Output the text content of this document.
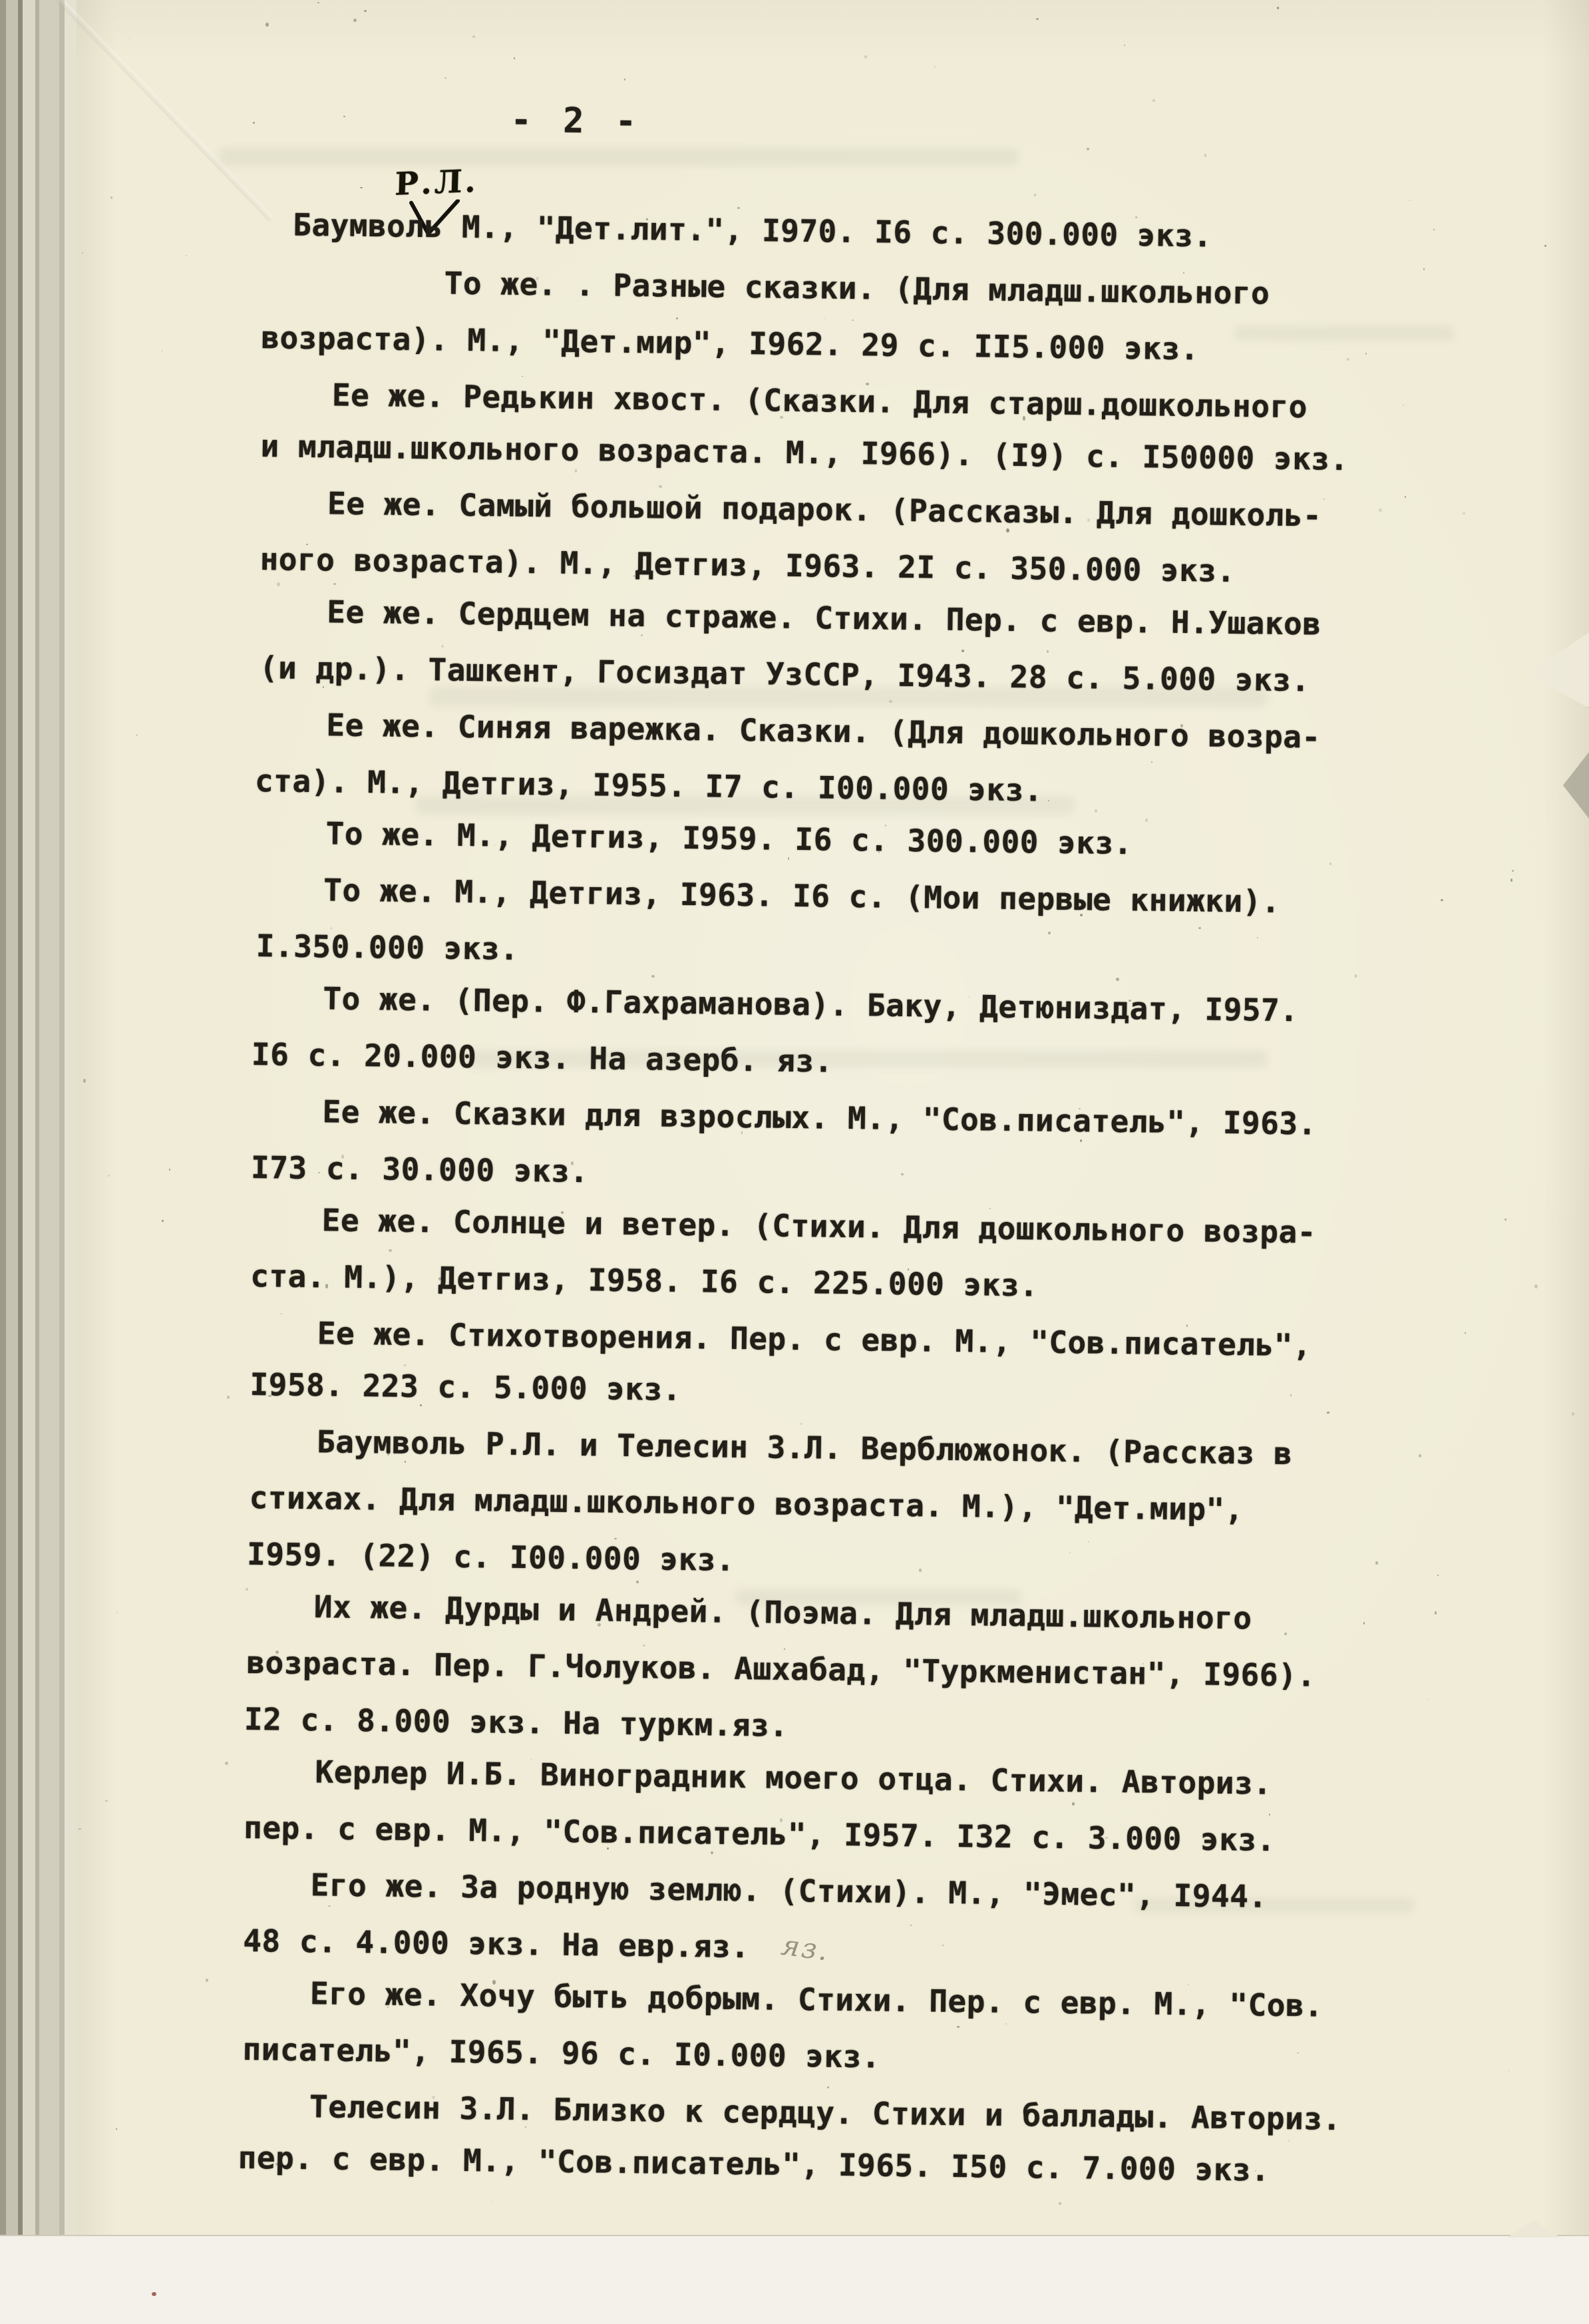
- 2 -
Р.Л.
Баумволь М., "Дет.лит.", I970. I6 с. 300.000 экз.
То же. . Разные сказки. (Для младш.школьного
возраста). М., "Дет.мир", I962. 29 с. II5.000 экз.
Ее же. Редькин хвост. (Сказки. Для старш.дошкольного
и младш.школьного возраста. М., I966). (I9) с. I50000 экз.
Ее же. Самый большой подарок. (Рассказы. Для дошколь-
ного возраста). М., Детгиз, I963. 2I с. 350.000 экз.
Ее же. Сердцем на страже. Стихи. Пер. с евр. Н.Ушаков
(и др.). Ташкент, Госиздат УзССР, I943. 28 с. 5.000 экз.
Ее же. Синяя варежка. Сказки. (Для дошкольного возра-
ста). М., Детгиз, I955. I7 с. I00.000 экз.
То же. М., Детгиз, I959. I6 с. 300.000 экз.
То же. М., Детгиз, I963. I6 с. (Мои первые книжки).
I.350.000 экз.
То же. (Пер. Ф.Гахраманова). Баку, Детюниздат, I957.
I6 с. 20.000 экз. На азерб. яз.
Ее же. Сказки для взрослых. М., "Сов.писатель", I963.
I73 с. 30.000 экз.
Ее же. Солнце и ветер. (Стихи. Для дошкольного возра-
ста. М.), Детгиз, I958. I6 с. 225.000 экз.
Ее же. Стихотворения. Пер. с евр. М., "Сов.писатель",
I958. 223 с. 5.000 экз.
Баумволь Р.Л. и Телесин З.Л. Верблюжонок. (Рассказ в
стихах. Для младш.школьного возраста. М.), "Дет.мир",
I959. (22) с. I00.000 экз.
Их же. Дурды и Андрей. (Поэма. Для младш.школьного
возраста. Пер. Г.Чолуков. Ашхабад, "Туркменистан", I966).
I2 с. 8.000 экз. На туркм.яз.
Керлер И.Б. Виноградник моего отца. Стихи. Авториз.
пер. с евр. М., "Сов.писатель", I957. I32 с. 3.000 экз.
Его же. За родную землю. (Стихи). М., "Эмес", I944.
48 с. 4.000 экз. На евр.яз.
Его же. Хочу быть добрым. Стихи. Пер. с евр. М., "Сов.
писатель", I965. 96 с. I0.000 экз.
Телесин З.Л. Близко к сердцу. Стихи и баллады. Авториз.
пер. с евр. М., "Сов.писатель", I965. I50 с. 7.000 экз.
яз.
